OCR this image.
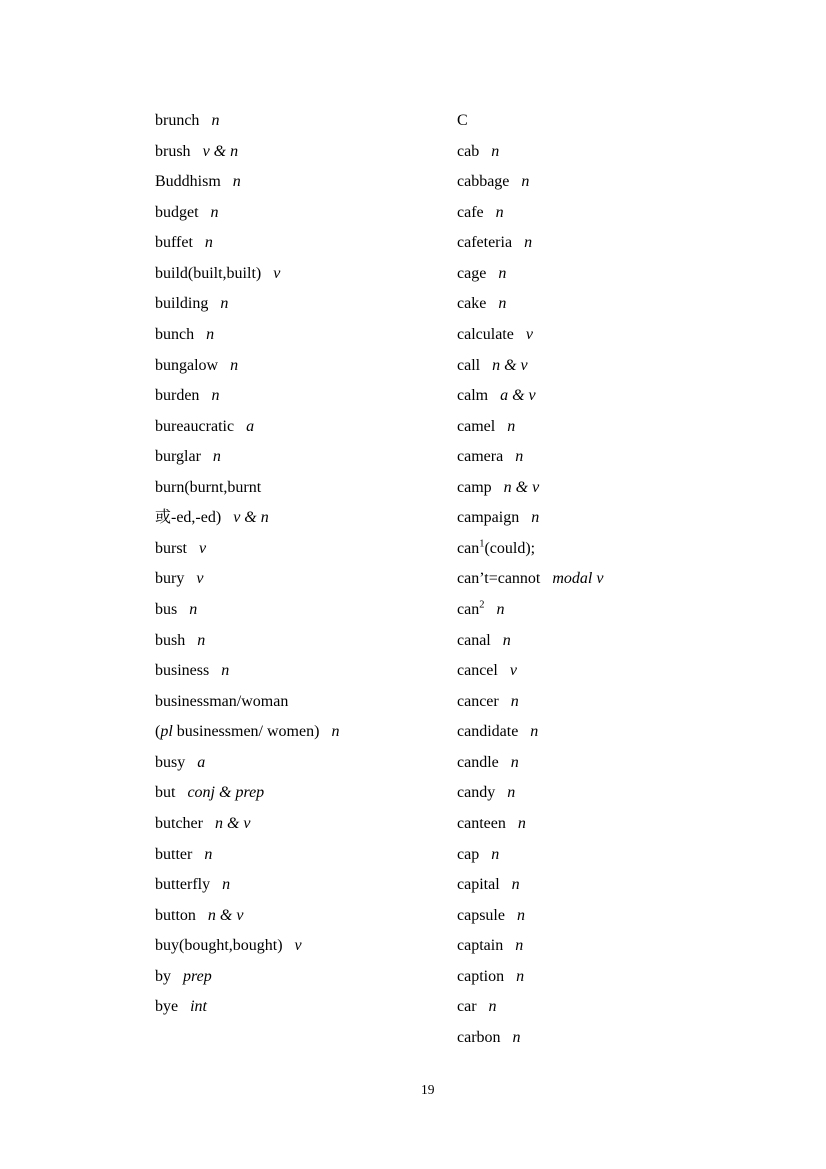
brunch n
brush v & n
Buddhism n
budget n
buffet n
build(built,built) v
building n
bunch n
bungalow n
burden n
bureaucratic a
burglar n
burn(burnt,burnt
或-ed,-ed) v & n
burst v
bury v
bus n
bush n
business n
businessman/woman
(pl businessmen/ women) n
busy a
but conj & prep
butcher n & v
butter n
butterfly n
button n & v
buy(bought,bought) v
by prep
bye int
C
cab n
cabbage n
cafe n
cafeteria n
cage n
cake n
calculate v
call n & v
calm a & v
camel n
camera n
camp n & v
campaign n
can$^1$(could);
can’t=cannot modal v
can$^2$ n
canal n
cancel v
cancer n
candidate n
candle n
candy n
canteen n
cap n
capital n
capsule n
captain n
caption n
car n
carbon n
19
